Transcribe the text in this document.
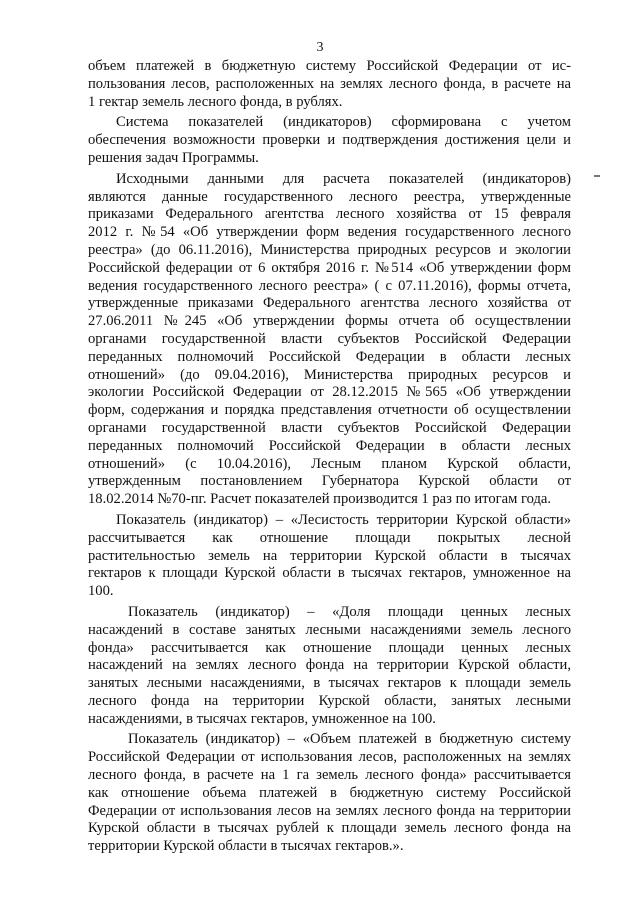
3
объем платежей в бюджетную систему Российской Федерации от ис-
пользования лесов, расположенных на землях лесного фонда, в расчете на
1 гектар земель лесного фонда, в рублях.
Система показателей (индикаторов) сформирована с учетом
обеспечения возможности проверки и подтверждения достижения цели и
решения задач Программы.
Исходными данными для расчета показателей (индикаторов)
являются данные государственного лесного реестра, утвержденные
приказами Федерального агентства лесного хозяйства от 15 февраля
2012 г. №54 «Об утверждении форм ведения государственного лесного
реестра» (до 06.11.2016), Министерства природных ресурсов и экологии
Российской федерации от 6 октября 2016 г. №514 «Об утверждении форм
ведения государственного лесного реестра» ( с 07.11.2016), формы отчета,
утвержденные приказами Федерального агентства лесного хозяйства от
27.06.2011 №245 «Об утверждении формы отчета об осуществлении
органами государственной власти субъектов Российской Федерации
переданных полномочий Российской Федерации в области лесных
отношений» (до 09.04.2016), Министерства природных ресурсов и
экологии Российской Федерации от 28.12.2015 №565 «Об утверждении
форм, содержания и порядка представления отчетности об осуществлении
органами государственной власти субъектов Российской Федерации
переданных полномочий Российской Федерации в области лесных
отношений» (с 10.04.2016), Лесным планом Курской области,
утвержденным постановлением Губернатора Курской области от
18.02.2014 №70-пг. Расчет показателей производится 1 раз по итогам года.
Показатель (индикатор) – «Лесистость территории Курской области»
рассчитывается как отношение площади покрытых лесной
растительностью земель на территории Курской области в тысячах
гектаров к площади Курской области в тысячах гектаров, умноженное на
100.
Показатель (индикатор) – «Доля площади ценных лесных
насаждений в составе занятых лесными насаждениями земель лесного
фонда» рассчитывается как отношение площади ценных лесных
насаждений на землях лесного фонда на территории Курской области,
занятых лесными насаждениями, в тысячах гектаров к площади земель
лесного фонда на территории Курской области, занятых лесными
насаждениями, в тысячах гектаров, умноженное на 100.
Показатель (индикатор) – «Объем платежей в бюджетную систему
Российской Федерации от использования лесов, расположенных на землях
лесного фонда, в расчете на 1 га земель лесного фонда» рассчитывается
как отношение объема платежей в бюджетную систему Российской
Федерации от использования лесов на землях лесного фонда на территории
Курской области в тысячах рублей к площади земель лесного фонда на
территории Курской области в тысячах гектаров.».
